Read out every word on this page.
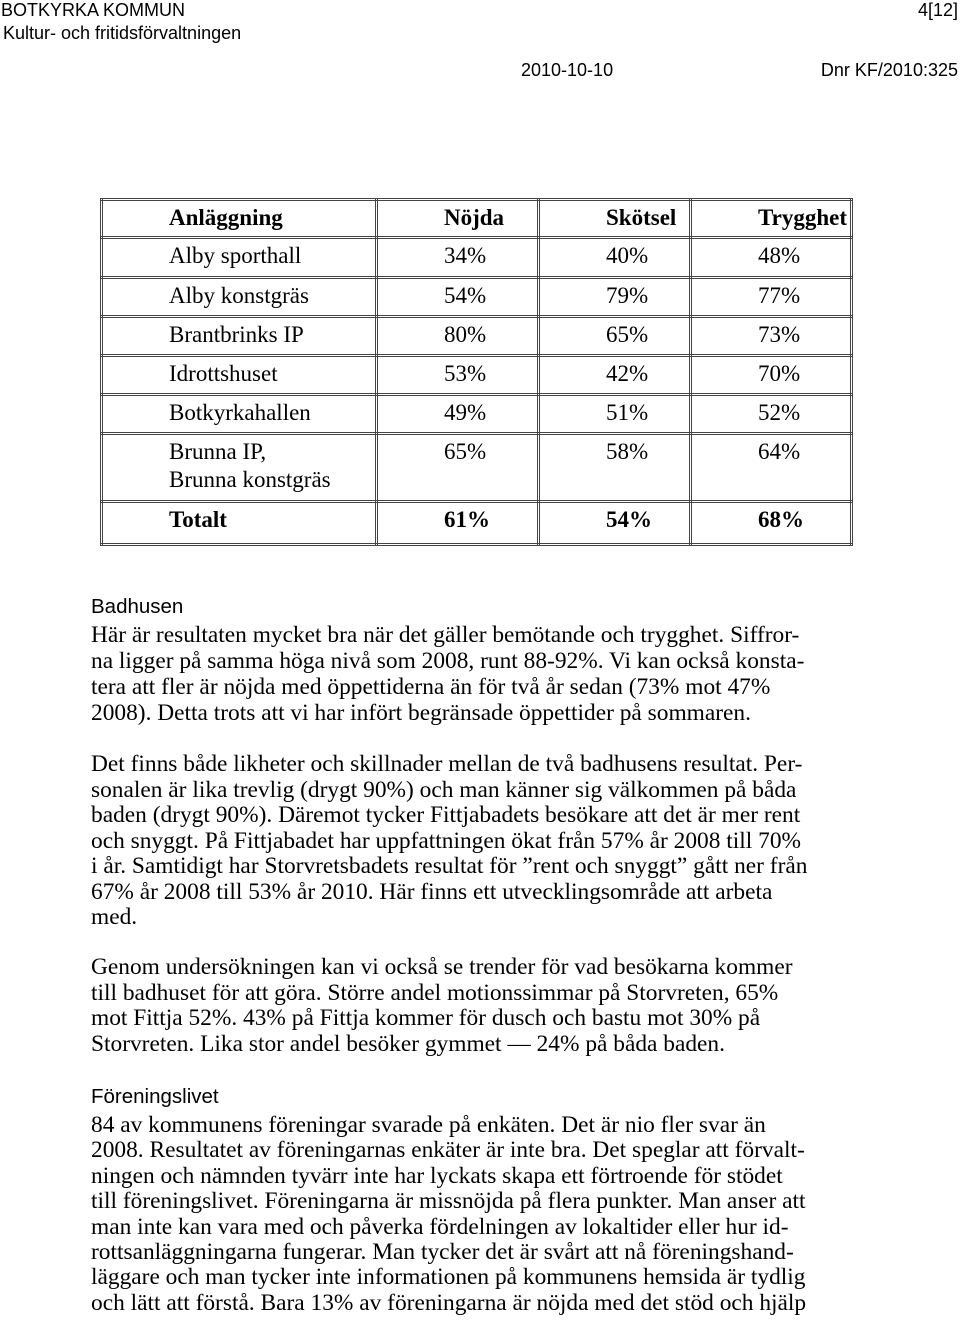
BOTKYRKA KOMMUN
Kultur- och fritidsförvaltningen
4[12]
2010-10-10	Dnr KF/2010:325
Anläggning	Nöjda	Skötsel	Trygghet
Alby sporthall	34%	40%	48%
Alby konstgräs	54%	79%	77%
Brantbrinks IP	80%	65%	73%
Idrottshuset	53%	42%	70%
Botkyrkahallen	49%	51%	52%
Brunna IP,
Brunna konstgräs	65%	58%	64%
Totalt	61%	54%	68%
Badhusen
Här är resultaten mycket bra när det gäller bemötande och trygghet. Siffror-
na ligger på samma höga nivå som 2008, runt 88-92%. Vi kan också konsta-
tera att fler är nöjda med öppettiderna än för två år sedan (73% mot 47%
2008). Detta trots att vi har infört begränsade öppettider på sommaren.
Det finns både likheter och skillnader mellan de två badhusens resultat. Per-
sonalen är lika trevlig (drygt 90%) och man känner sig välkommen på båda
baden (drygt 90%). Däremot tycker Fittjabadets besökare att det är mer rent
och snyggt. På Fittjabadet har uppfattningen ökat från 57% år 2008 till 70%
i år. Samtidigt har Storvretsbadets resultat för ”rent och snyggt” gått ner från
67% år 2008 till 53% år 2010. Här finns ett utvecklingsområde att arbeta
med.
Genom undersökningen kan vi också se trender för vad besökarna kommer
till badhuset för att göra. Större andel motionssimmar på Storvreten, 65%
mot Fittja 52%. 43% på Fittja kommer för dusch och bastu mot 30% på
Storvreten. Lika stor andel besöker gymmet — 24% på båda baden.
Föreningslivet
84 av kommunens föreningar svarade på enkäten. Det är nio fler svar än
2008. Resultatet av föreningarnas enkäter är inte bra. Det speglar att förvalt-
ningen och nämnden tyvärr inte har lyckats skapa ett förtroende för stödet
till föreningslivet. Föreningarna är missnöjda på flera punkter. Man anser att
man inte kan vara med och påverka fördelningen av lokaltider eller hur id-
rottsanläggningarna fungerar. Man tycker det är svårt att nå föreningshand-
läggare och man tycker inte informationen på kommunens hemsida är tydlig
och lätt att förstå. Bara 13% av föreningarna är nöjda med det stöd och hjälp
